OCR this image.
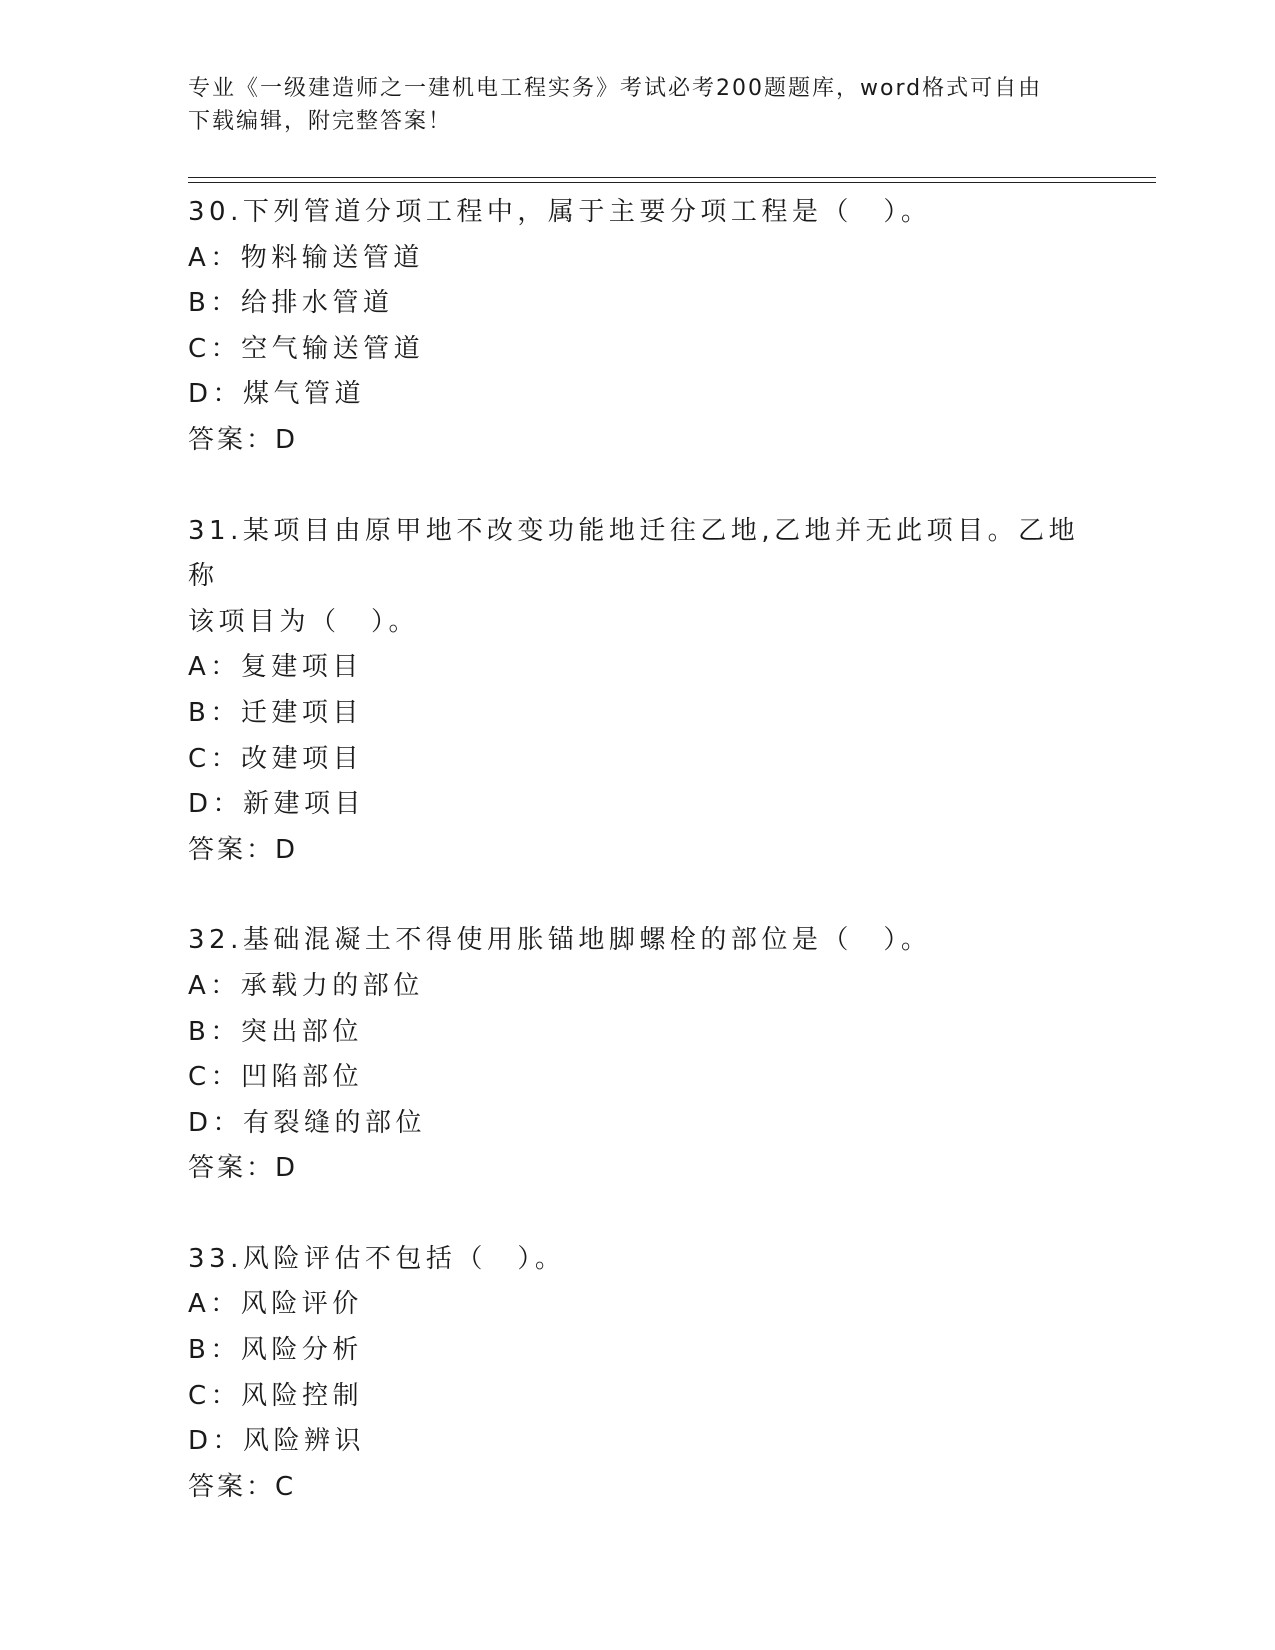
专业《一级建造师之一建机电工程实务》考试必考200题题库，word格式可自由
下载编辑，附完整答案！

30.下列管道分项工程中，属于主要分项工程是（　）。

A：物料输送管道

B：给排水管道

C：空气输送管道

D：煤气管道

答案：D

31.某项目由原甲地不改变功能地迁往乙地,乙地并无此项目。乙地称

该项目为（　）。

A：复建项目

B：迁建项目

C：改建项目

D：新建项目

答案：D

32.基础混凝土不得使用胀锚地脚螺栓的部位是（　）。

A：承载力的部位

B：突出部位

C：凹陷部位

D：有裂缝的部位

答案：D

33.风险评估不包括（　）。

A：风险评价

B：风险分析

C：风险控制

D：风险辨识

答案：C
